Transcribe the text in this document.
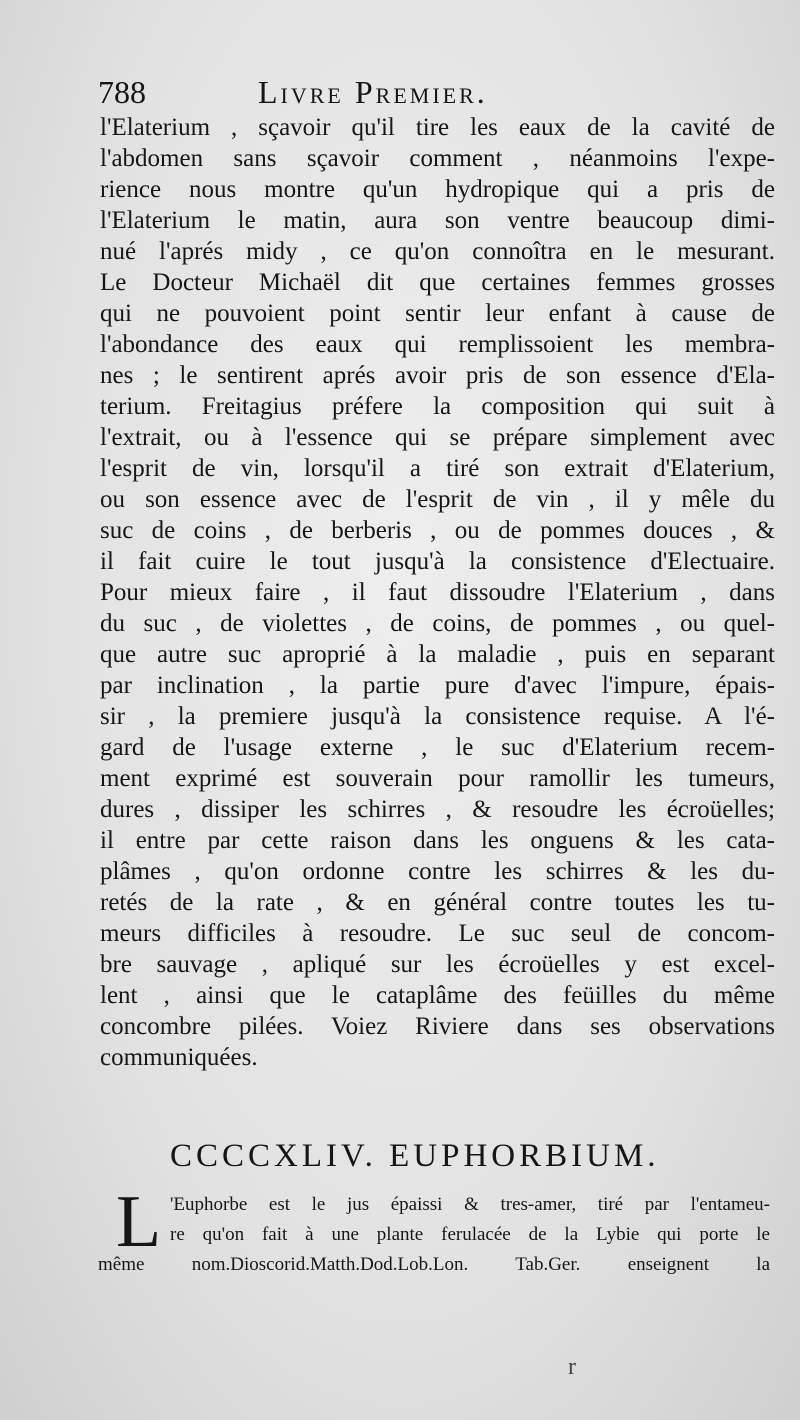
788	Livre Premier.
l'Elaterium , sçavoir qu'il tire les eaux de la cavité de
l'abdomen sans sçavoir comment , néanmoins l'expe-
rience nous montre qu'un hydropique qui a pris de
l'Elaterium le matin, aura son ventre beaucoup dimi-
nué l'aprés midy , ce qu'on connoîtra en le mesurant.
Le Docteur Michaël dit que certaines femmes grosses
qui ne pouvoient point sentir leur enfant à cause de
l'abondance des eaux qui remplissoient les membra-
nes ; le sentirent aprés avoir pris de son essence d'Ela-
terium. Freitagius préfere la composition qui suit à
l'extrait, ou à l'essence qui se prépare simplement avec
l'esprit de vin, lorsqu'il a tiré son extrait d'Elaterium,
ou son essence avec de l'esprit de vin , il y mêle du
suc de coins , de berberis , ou de pommes douces , &
il fait cuire le tout jusqu'à la consistence d'Electuaire.
Pour mieux faire , il faut dissoudre l'Elaterium , dans
du suc , de violettes , de coins, de pommes , ou quel-
que autre suc aproprié à la maladie , puis en separant
par inclination , la partie pure d'avec l'impure, épais-
sir , la premiere jusqu'à la consistence requise. A l'é-
gard de l'usage externe , le suc d'Elaterium recem-
ment exprimé est souverain pour ramollir les tumeurs,
dures , dissiper les schirres , & resoudre les écroüelles;
il entre par cette raison dans les onguens & les cata-
plâmes , qu'on ordonne contre les schirres & les du-
retés de la rate , & en général contre toutes les tu-
meurs difficiles à resoudre. Le suc seul de concom-
bre sauvage , apliqué sur les écroüelles y est excel-
lent , ainsi que le cataplâme des feüilles du même
concombre pilées. Voiez Riviere dans ses observations
communiquées.
CCCCXLIV. EUPHORBIUM.
L 'Euphorbe est le jus épaissi & tres-amer, tiré par l'entameu-
re qu'on fait à une plante ferulacée de la Lybie qui porte le
même nom.Dioscorid.Matth.Dod.Lob.Lon. Tab.Ger. enseignent la
r
